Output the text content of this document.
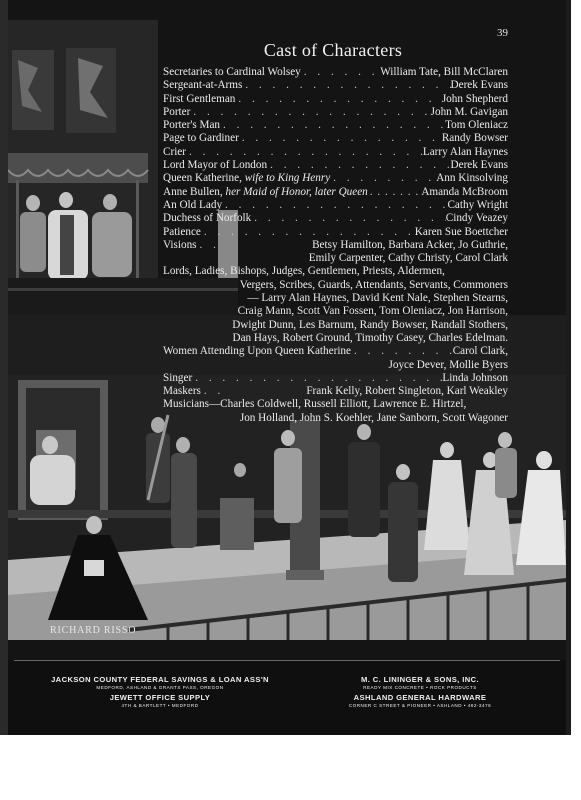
39
Cast of Characters
Secretaries to Cardinal Wolsey . . .	William Tate, Bill McClaren
Sergeant-at-Arms . . .	Derek Evans
First Gentleman . . .	John Shepherd
Porter . . .	John M. Gavigan
Porter's Man . . .	Tom Oleniacz
Page to Gardiner . . .	Randy Bowser
Crier . . .	Larry Alan Haynes
Lord Mayor of London . . .	Derek Evans
Queen Katherine, wife to King Henry . . .	Ann Kinsolving
Anne Bullen, her Maid of Honor, later Queen . . .	Amanda McBroom
An Old Lady . . .	Cathy Wright
Duchess of Norfolk . . .	Cindy Veazey
Patience . . .	Karen Sue Boettcher
Visions . . .	Betsy Hamilton, Barbara Acker, Jo Guthrie,
Emily Carpenter, Cathy Christy, Carol Clark
Lords, Ladies, Bishops, Judges, Gentlemen, Priests, Aldermen,
Vergers, Scribes, Guards, Attendants, Servants, Commoners
— Larry Alan Haynes, David Kent Nale, Stephen Stearns,
Craig Mann, Scott Van Fossen, Tom Oleniacz, Jon Harrison,
Dwight Dunn, Les Barnum, Randy Bowser, Randall Stothers,
Dan Hays, Robert Ground, Timothy Casey, Charles Edelman.
Women Attending Upon Queen Katherine . . .	Carol Clark,
Joyce Dever, Mollie Byers
Singer . . .	Linda Johnson
Maskers . . .	Frank Kelly, Robert Singleton, Karl Weakley
Musicians—Charles Coldwell, Russell Elliott, Lawrence E. Hirtzel,
Jon Holland, John S. Koehler, Jane Sanborn, Scott Wagoner
RICHARD RISSO
JACKSON COUNTY FEDERAL SAVINGS & LOAN ASS'N
MEDFORD, ASHLAND & GRANTS PASS, OREGON
M. C. LININGER & SONS, INC.
READY MIX CONCRETE • ROCK PRODUCTS
JEWETT OFFICE SUPPLY
4TH & BARTLETT • MEDFORD
ASHLAND GENERAL HARDWARE
CORNER C STREET & PIONEER • ASHLAND • 482-3476
